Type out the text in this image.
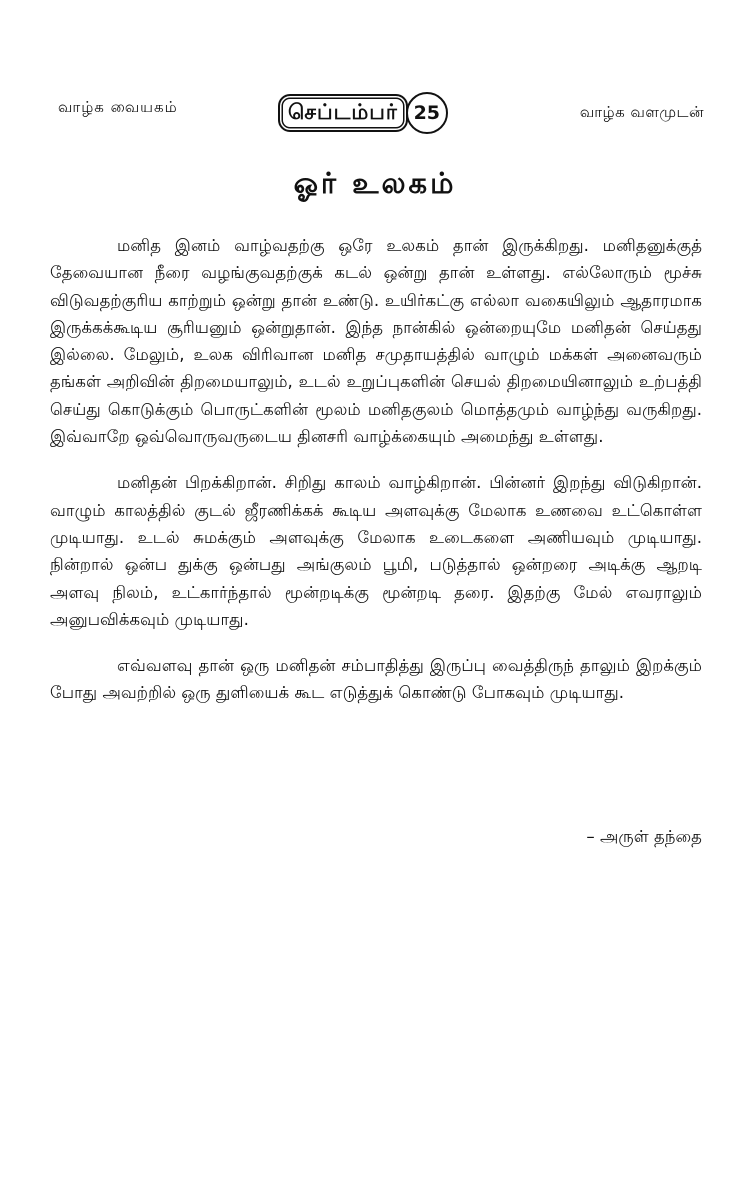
வாழ்க வையகம்	செப்டம்பர் 25	வாழ்க வளமுடன்
ஓர் உலகம்

மனித இனம் வாழ்வதற்கு ஒரே உலகம் தான் இருக்கிறது. மனிதனுக்குத் தேவையான நீரை வழங்குவதற்குக் கடல் ஒன்று தான் உள்ளது. எல்லோரும் மூச்சு விடுவதற்குரிய காற்றும் ஒன்று தான் உண்டு. உயிர்கட்கு எல்லா வகையிலும் ஆதாரமாக இருக்கக்கூடிய சூரியனும் ஒன்றுதான். இந்த நான்கில் ஒன்றையுமே மனிதன் செய்தது இல்லை. மேலும், உலக விரிவான மனித சமுதாயத்தில் வாழும் மக்கள் அனைவரும் தங்கள் அறிவின் திறமையாலும், உடல் உறுப்புகளின் செயல் திறமையினாலும் உற்பத்தி செய்து கொடுக்கும் பொருட்களின் மூலம் மனிதகுலம் மொத்தமும் வாழ்ந்து வருகிறது. இவ்வாறே ஒவ்வொருவருடைய தினசரி வாழ்க்கையும் அமைந்து உள்ளது.

மனிதன் பிறக்கிறான். சிறிது காலம் வாழ்கிறான். பின்னர் இறந்து விடுகிறான். வாழும் காலத்தில் குடல் ஜீரணிக்கக் கூடிய அளவுக்கு மேலாக உணவை உட்கொள்ள முடியாது. உடல் சுமக்கும் அளவுக்கு மேலாக உடைகளை அணியவும் முடியாது. நின்றால் ஒன்ப துக்கு ஒன்பது அங்குலம் பூமி, படுத்தால் ஒன்றரை அடிக்கு ஆறடி அளவு நிலம், உட்கார்ந்தால் மூன்றடிக்கு மூன்றடி தரை. இதற்கு மேல் எவராலும் அனுபவிக்கவும் முடியாது.

எவ்வளவு தான் ஒரு மனிதன் சம்பாதித்து இருப்பு வைத்திருந் தாலும் இறக்கும் போது அவற்றில் ஒரு துளியைக் கூட எடுத்துக் கொண்டு போகவும் முடியாது.

– அருள் தந்தை
